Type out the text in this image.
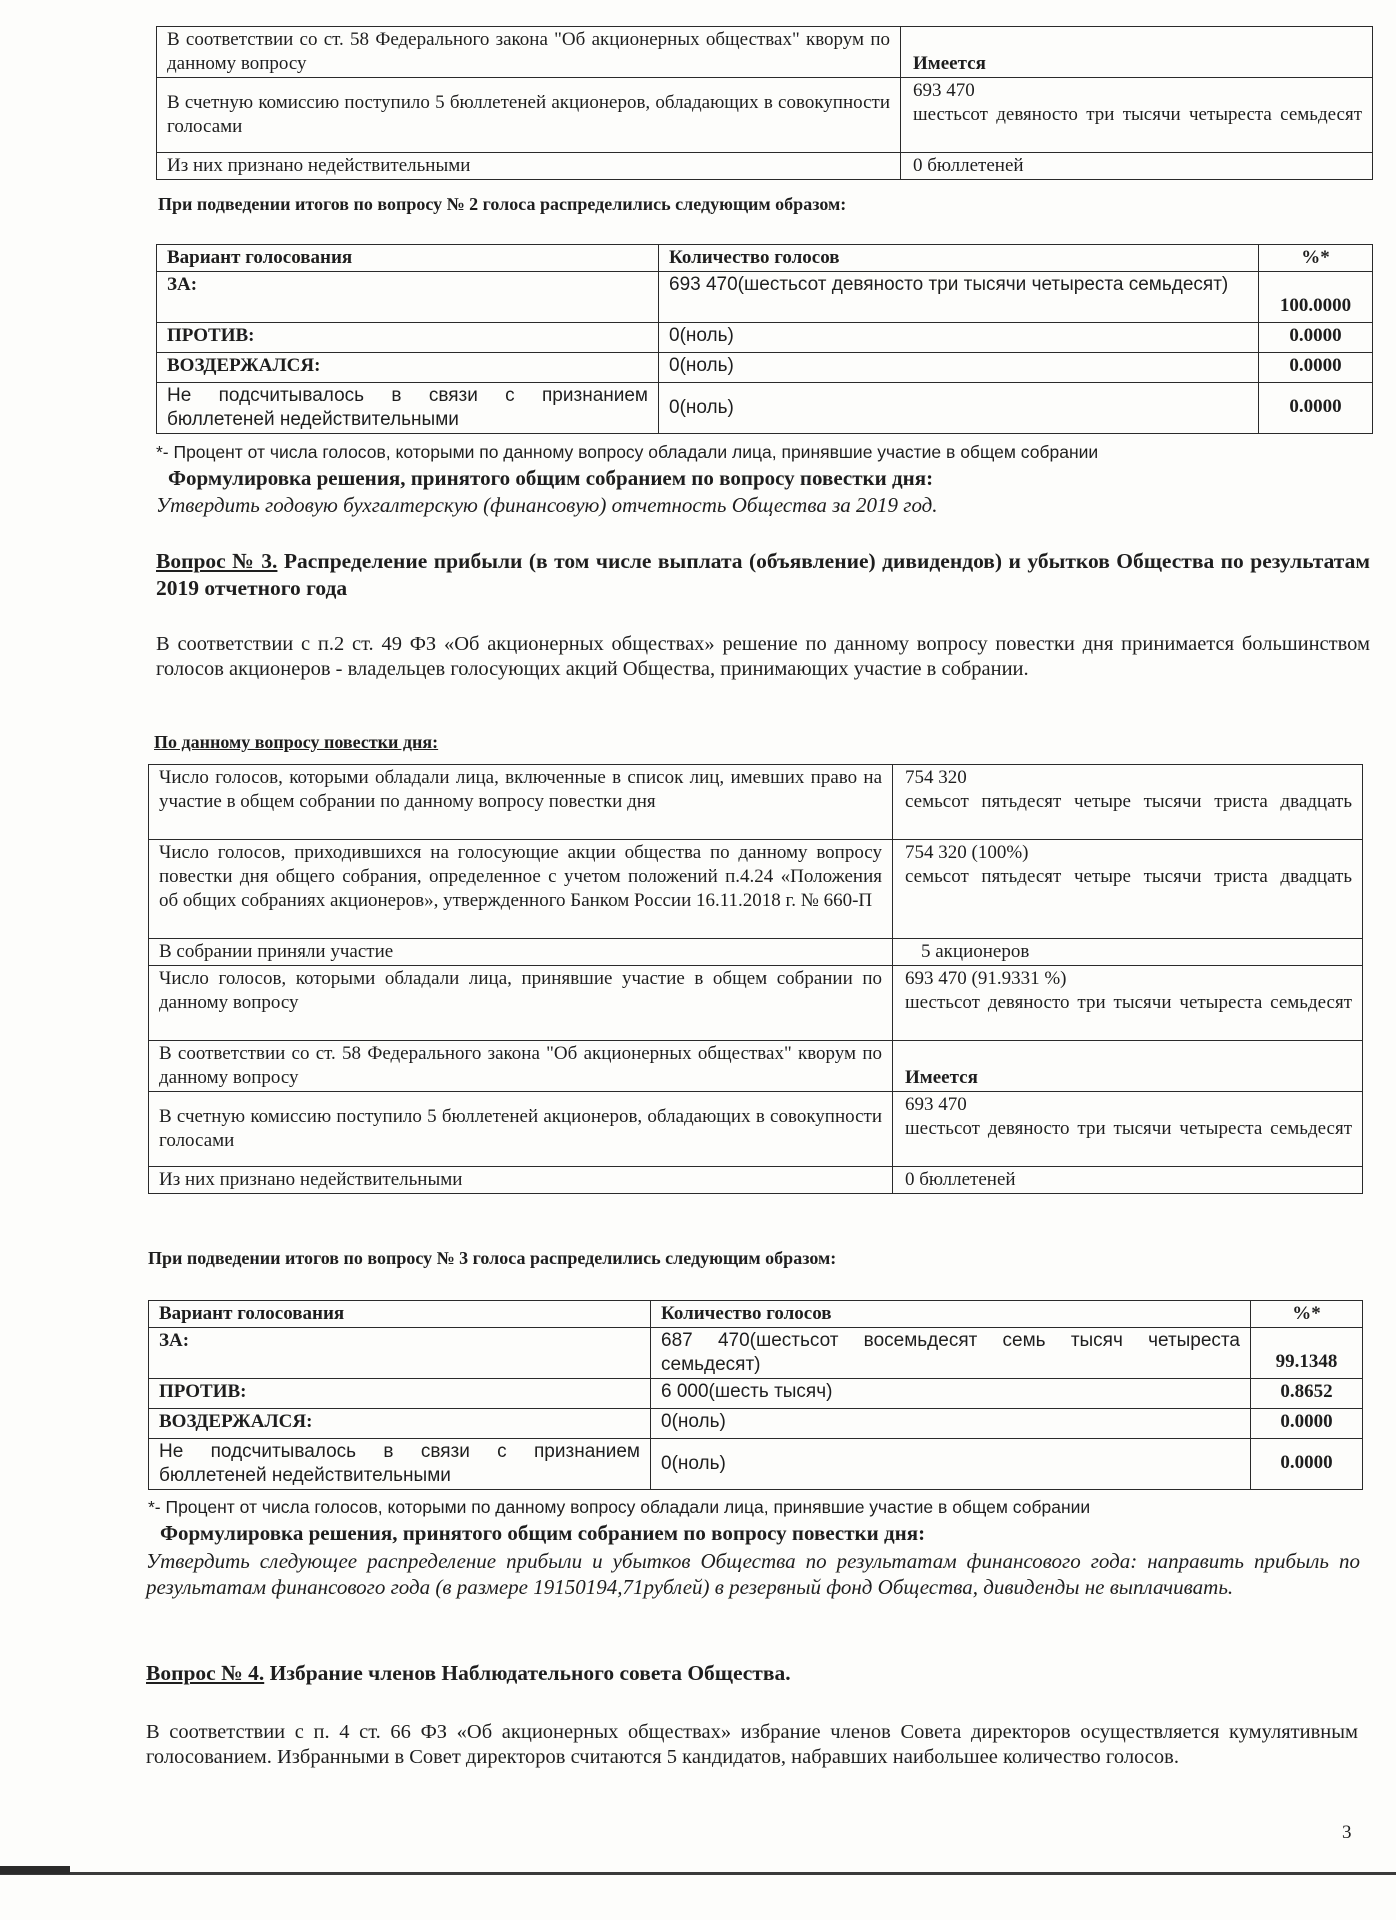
В соответствии со ст. 58 Федерального закона "Об акционерных обществах" кворум по данному вопросу	Имеется
В счетную комиссию поступило 5 бюллетеней акционеров, обладающих в совокупности голосами	693 470
шестьсот девяносто три тысячи четыреста семьдесят

Из них признано недействительными	0 бюллетеней
При подведении итогов по вопросу № 2 голоса распределились следующим образом:
Вариант голосования	Количество голосов	%*
ЗА:	693 470(шестьсот девяносто три тысячи четыреста семьдесят)	100.0000
ПРОТИВ:	0(ноль)	0.0000
ВОЗДЕРЖАЛСЯ:	0(ноль)	0.0000
Не подсчитывалось в связи с признанием бюллетеней недействительными	0(ноль)	0.0000
*- Процент от числа голосов, которыми по данному вопросу обладали лица, принявшие участие в общем собрании
Формулировка решения, принятого общим собранием по вопросу повестки дня:
Утвердить годовую бухгалтерскую (финансовую) отчетность Общества за 2019 год.
Вопрос № 3. Распределение прибыли (в том числе выплата (объявление) дивидендов) и убытков Общества по результатам 2019 отчетного года
В соответствии с п.2 ст. 49 ФЗ «Об акционерных обществах» решение по данному вопросу повестки дня принимается большинством голосов акционеров - владельцев голосующих акций Общества, принимающих участие в собрании.
По данному вопросу повестки дня:
Число голосов, которыми обладали лица, включенные в список лиц, имевших право на участие в общем собрании по данному вопросу повестки дня	754 320
семьсот пятьдесят четыре тысячи триста двадцать

Число голосов, приходившихся на голосующие акции общества по данному вопросу повестки дня общего собрания, определенное с учетом положений п.4.24 «Положения об общих собраниях акционеров», утвержденного Банком России 16.11.2018 г. № 660-П	754 320 (100%)
семьсот пятьдесят четыре тысячи триста двадцать

В собрании приняли участие	5 акционеров
Число голосов, которыми обладали лица, принявшие участие в общем собрании по данному вопросу	693 470 (91.9331 %)
шестьсот девяносто три тысячи четыреста семьдесят

В соответствии со ст. 58 Федерального закона "Об акционерных обществах" кворум по данному вопросу	Имеется
В счетную комиссию поступило 5 бюллетеней акционеров, обладающих в совокупности голосами	693 470
шестьсот девяносто три тысячи четыреста семьдесят

Из них признано недействительными	0 бюллетеней
При подведении итогов по вопросу № 3 голоса распределились следующим образом:
Вариант голосования	Количество голосов	%*
ЗА:	687 470(шестьсот восемьдесят семь тысяч четыреста семьдесят)	99.1348
ПРОТИВ:	6 000(шесть тысяч)	0.8652
ВОЗДЕРЖАЛСЯ:	0(ноль)	0.0000
Не подсчитывалось в связи с признанием бюллетеней недействительными	0(ноль)	0.0000
*- Процент от числа голосов, которыми по данному вопросу обладали лица, принявшие участие в общем собрании
Формулировка решения, принятого общим собранием по вопросу повестки дня:
Утвердить следующее распределение прибыли и убытков Общества по результатам финансового года: направить прибыль по результатам финансового года (в размере 19150194,71рублей) в резервный фонд Общества, дивиденды не выплачивать.
Вопрос № 4. Избрание членов Наблюдательного совета Общества.
В соответствии с п. 4 ст. 66 ФЗ «Об акционерных обществах» избрание членов Совета директоров осуществляется кумулятивным голосованием. Избранными в Совет директоров считаются 5 кандидатов, набравших наибольшее количество голосов.
3
